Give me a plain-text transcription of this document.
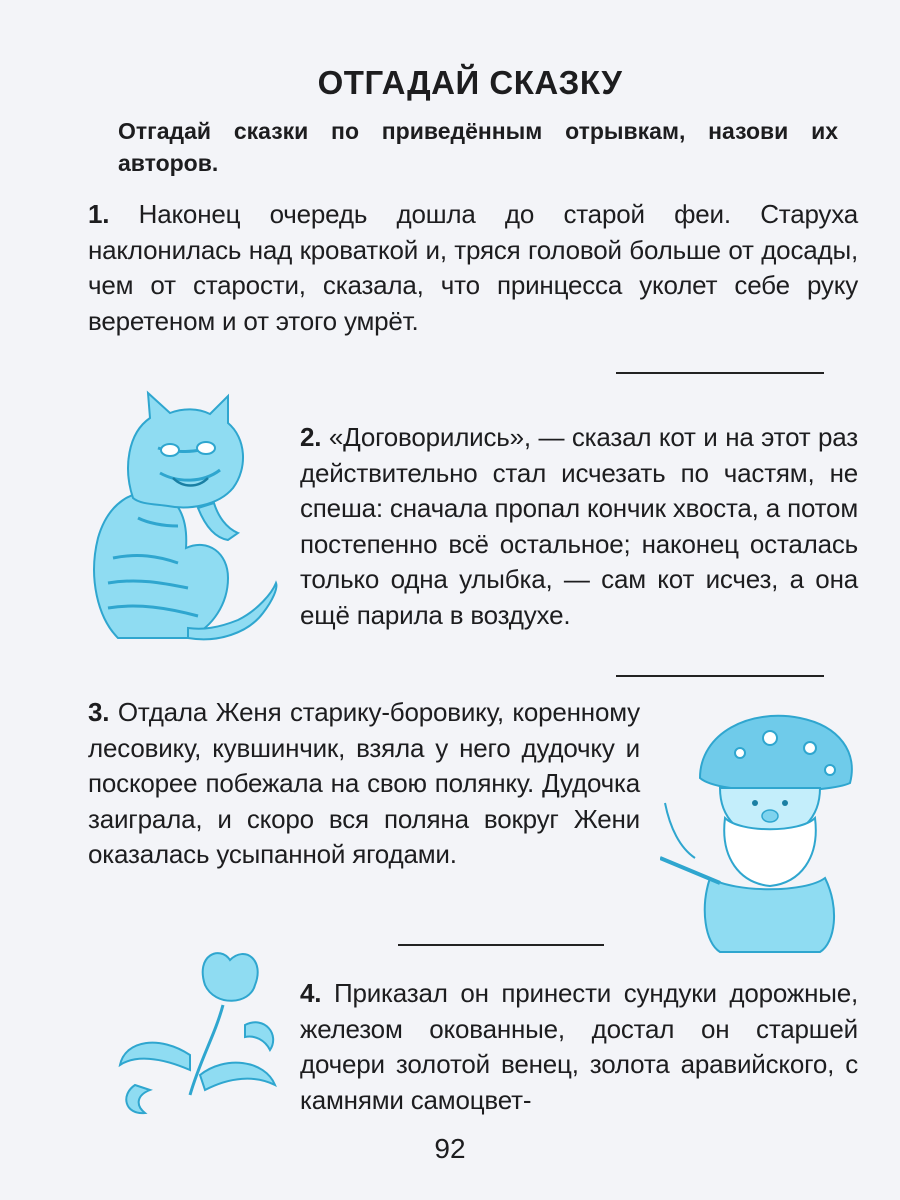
ОТГАДАЙ СКАЗКУ
Отгадай сказки по приведённым отрывкам, назови их авторов.
1. Наконец очередь дошла до старой феи. Старуха наклонилась над кроваткой и, тряся головой больше от досады, чем от старости, сказала, что принцесса уколет себе руку веретеном и от этого умрёт.
2. «Договорились», — сказал кот и на этот раз действительно стал исчезать по частям, не спеша: сначала пропал кончик хвоста, а потом постепенно всё остальное; наконец осталась только одна улыбка, — сам кот исчез, а она ещё парила в воздухе.
3. Отдала Женя старику-боровику, коренному лесовику, кувшинчик, взяла у него дудочку и поскорее побежала на свою полянку. Дудочка заиграла, и скоро вся поляна вокруг Жени оказалась усыпанной ягодами.
4. Приказал он принести сундуки дорожные, железом окованные, достал он старшей дочери золотой венец, золота аравийского, с камнями самоцвет-
92
